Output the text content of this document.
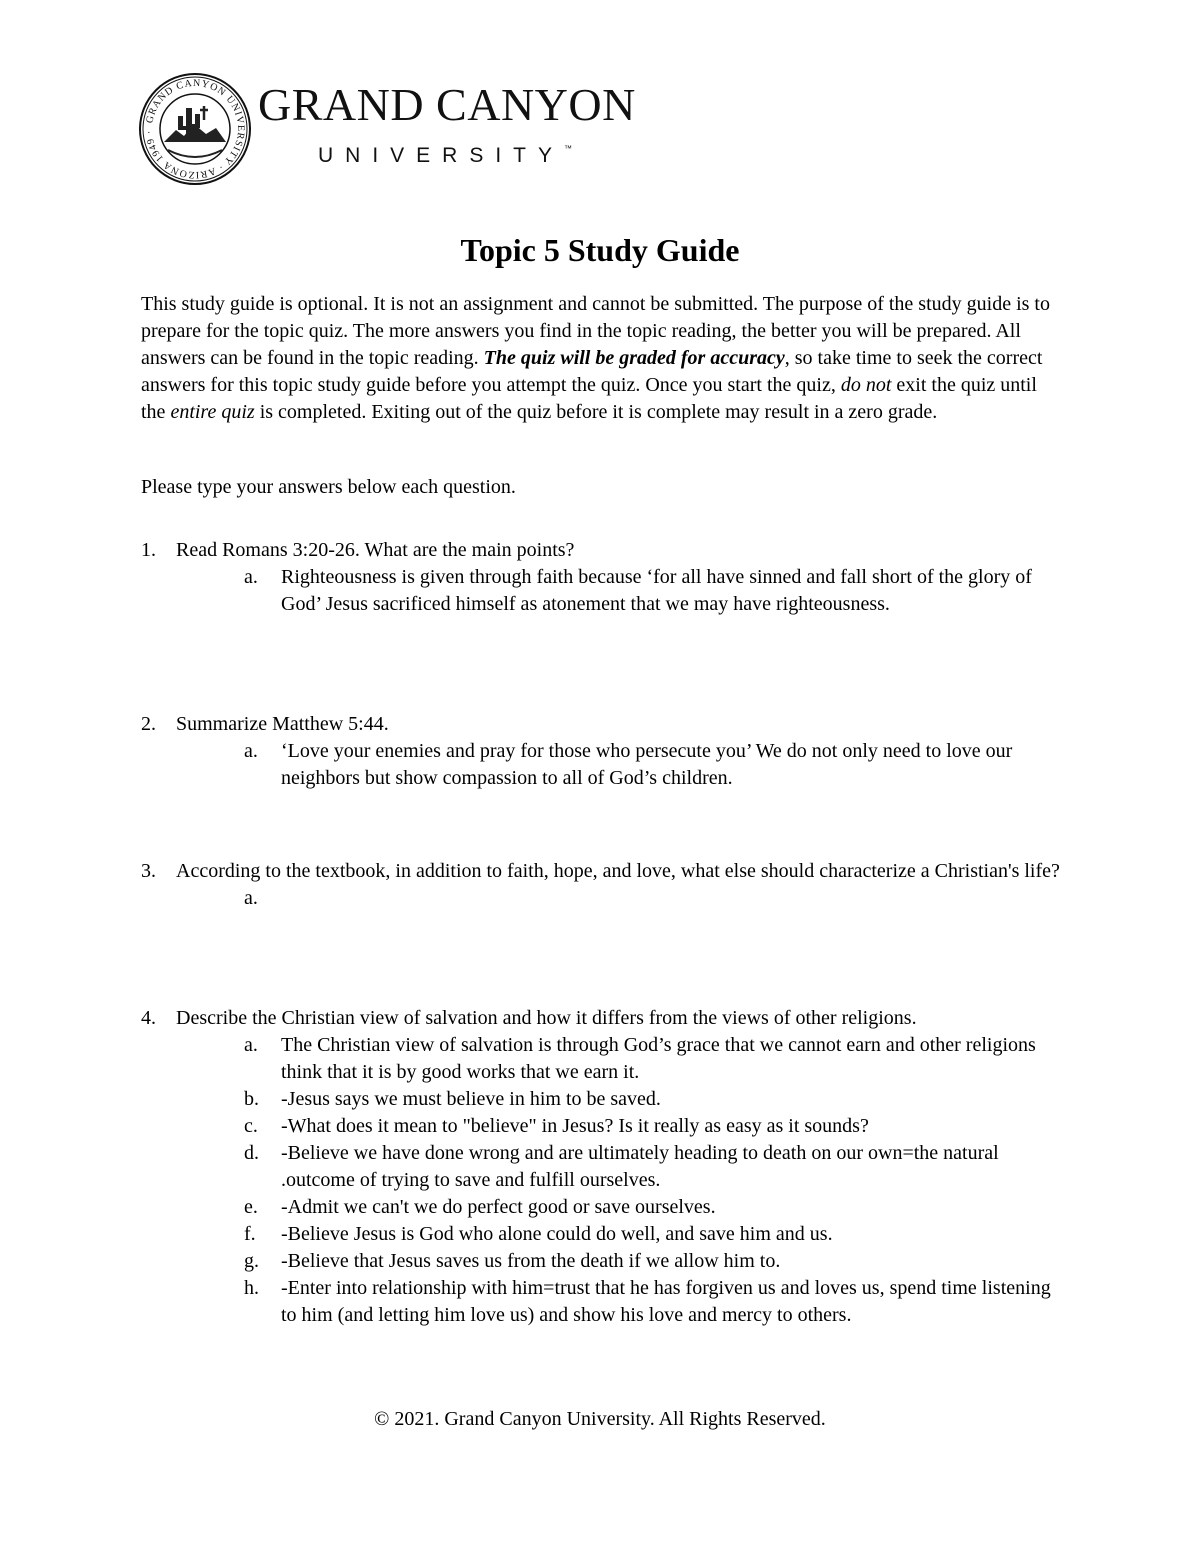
GRAND CANYON UNIVERSITY · ARIZONA 1949 ·
GRAND CANYON
UNIVERSITY™
Topic 5 Study Guide

This study guide is optional. It is not an assignment and cannot be submitted. The purpose of the study guide is to prepare for the topic quiz. The more answers you find in the topic reading, the better you will be prepared. All answers can be found in the topic reading. The quiz will be graded for accuracy, so take time to seek the correct answers for this topic study guide before you attempt the quiz. Once you start the quiz, do not exit the quiz until the entire quiz is completed. Exiting out of the quiz before it is complete may result in a zero grade.

Please type your answers below each question.
1. Read Romans 3:20-26. What are the main points?
a. Righteousness is given through faith because ‘for all have sinned and fall short of the glory of God’ Jesus sacrificed himself as atonement that we may have righteousness.
2. Summarize Matthew 5:44.
a. ‘Love your enemies and pray for those who persecute you’ We do not only need to love our neighbors but show compassion to all of God’s children.
3. According to the textbook, in addition to faith, hope, and love, what else should characterize a Christian's life?
a.
4. Describe the Christian view of salvation and how it differs from the views of other religions.
a. The Christian view of salvation is through God’s grace that we cannot earn and other religions think that it is by good works that we earn it.
b. -Jesus says we must believe in him to be saved.
c. -What does it mean to "believe" in Jesus? Is it really as easy as it sounds?
d. -Believe we have done wrong and are ultimately heading to death on our own=the natural .outcome of trying to save and fulfill ourselves.
e. -Admit we can't we do perfect good or save ourselves.
f. -Believe Jesus is God who alone could do well, and save him and us.
g. -Believe that Jesus saves us from the death if we allow him to.
h. -Enter into relationship with him=trust that he has forgiven us and loves us, spend time listening to him (and letting him love us) and show his love and mercy to others.
© 2021. Grand Canyon University. All Rights Reserved.
